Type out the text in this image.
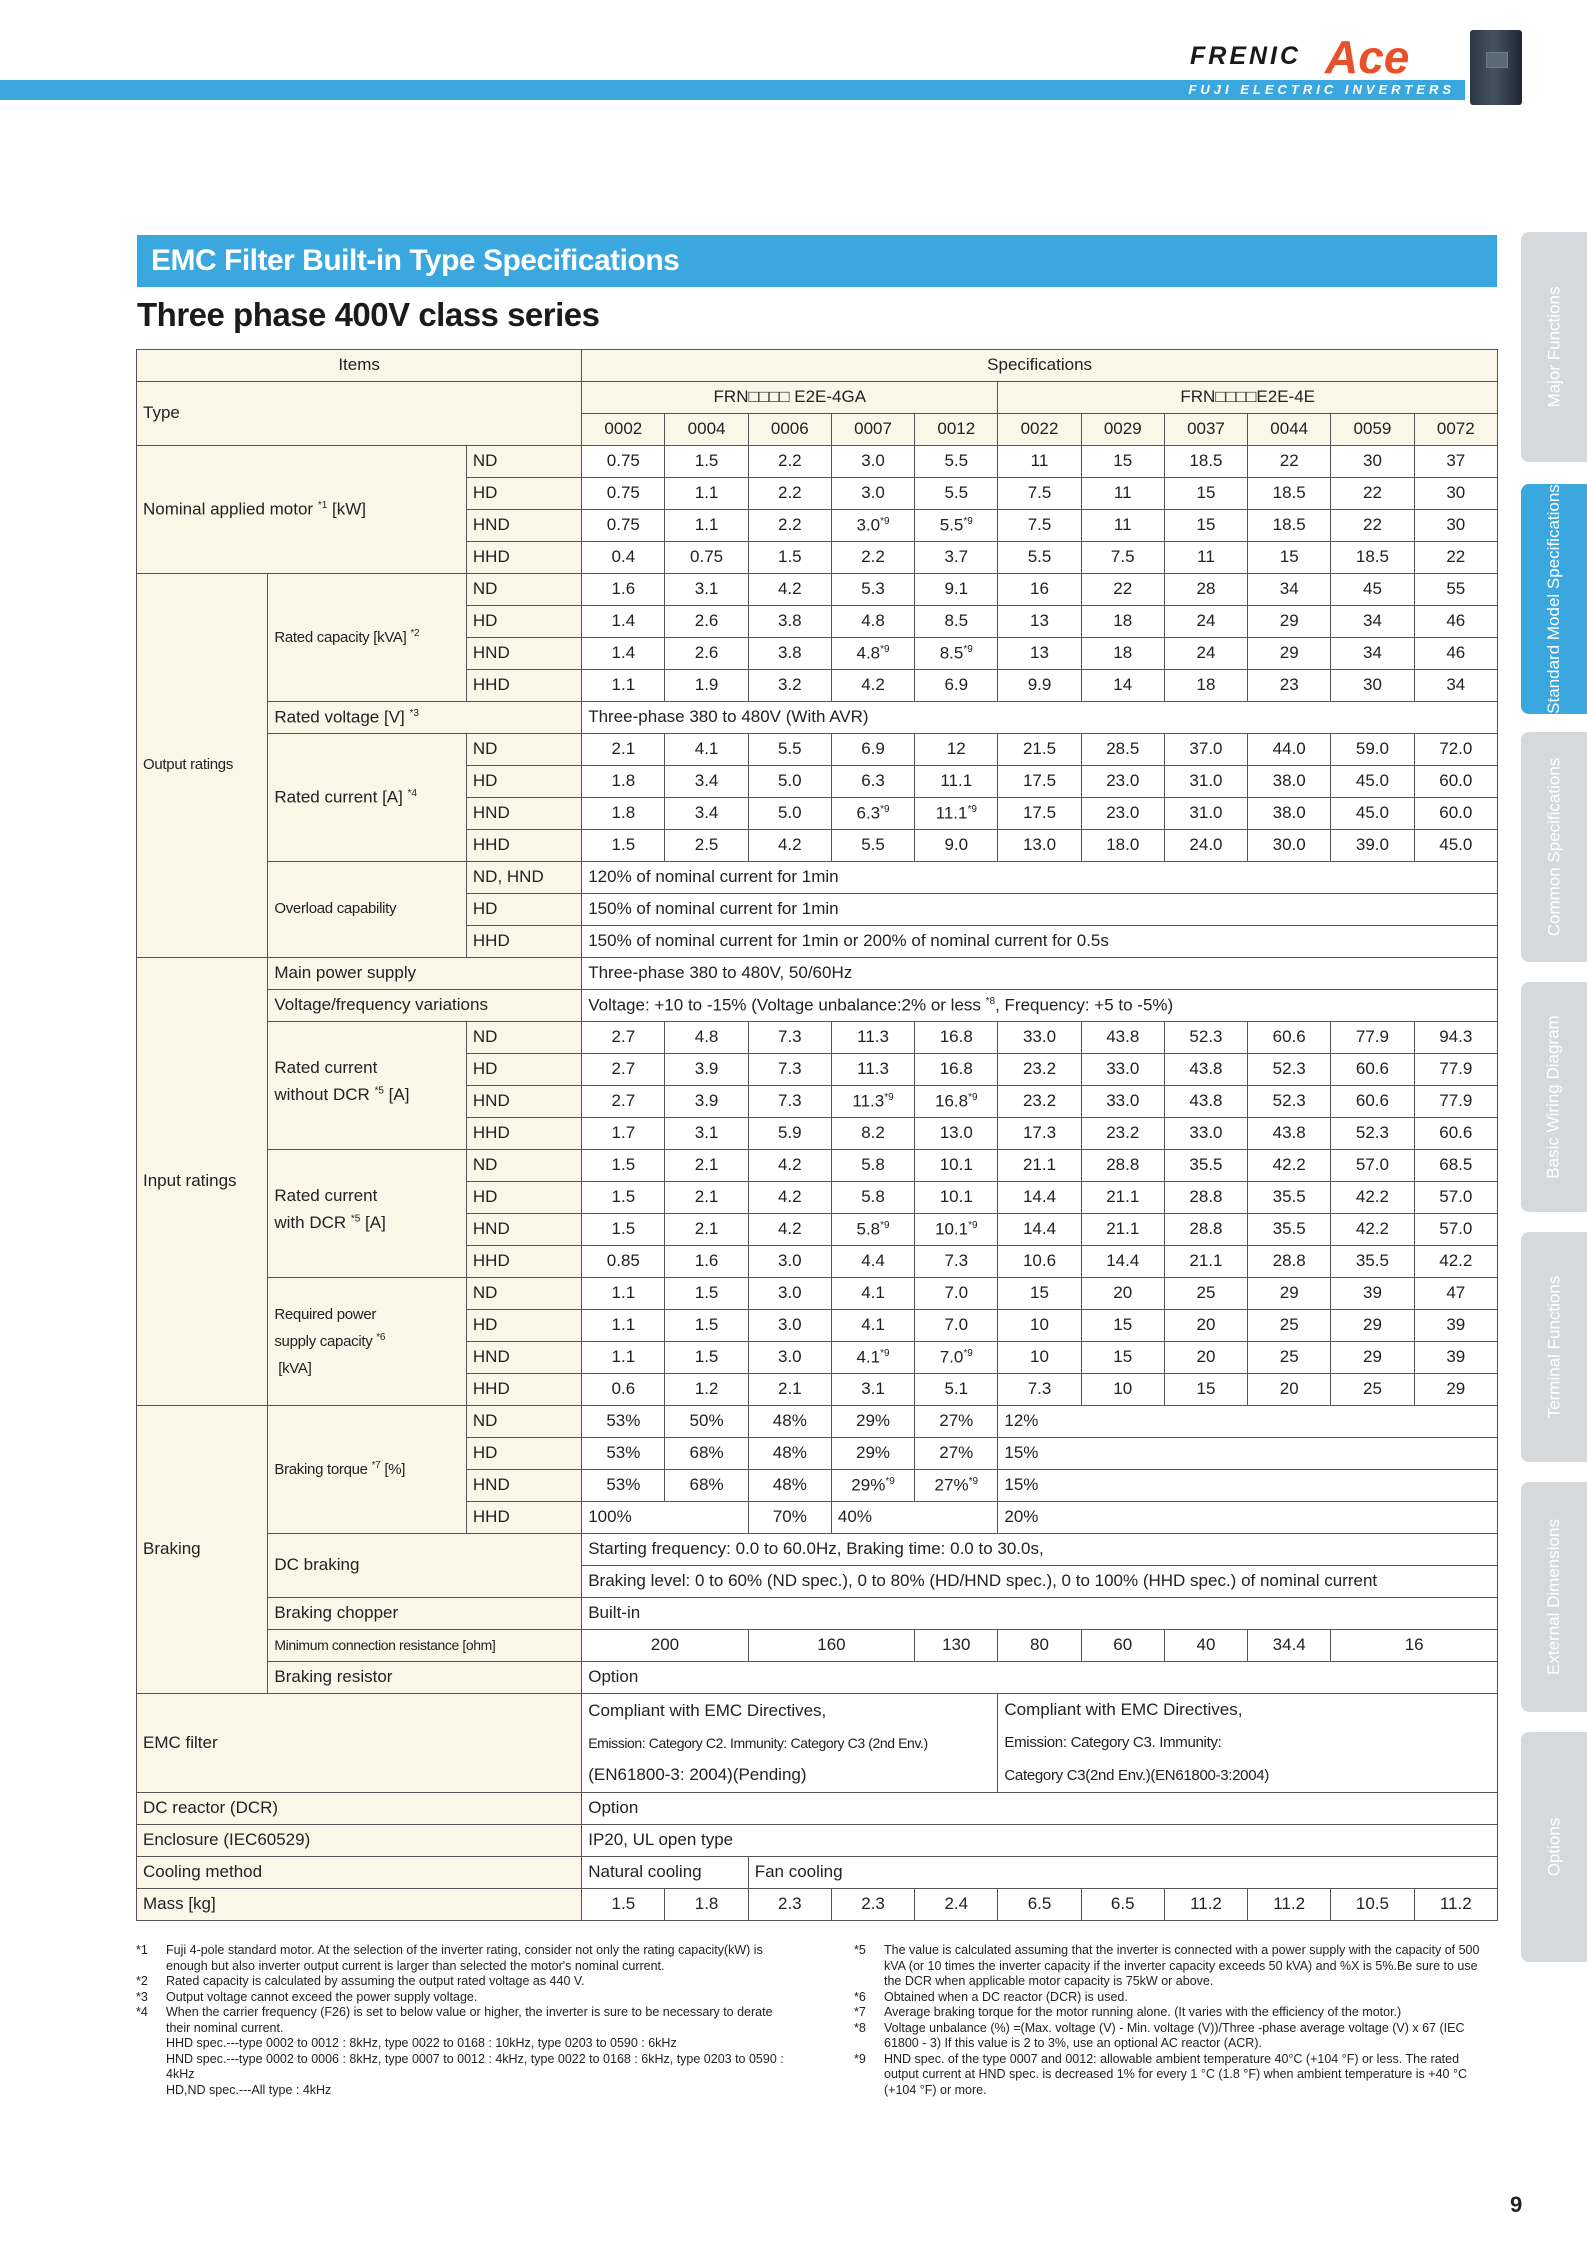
FRENIC Ace
FUJI ELECTRIC INVERTERS
EMC Filter Built-in Type Specifications
Three phase 400V class series	Major Functions
Standard Model Specifications
Common Specifications
Basic Wiring Diagram
Terminal Functions
External Dimensions
Options
Items			Specifications										
Type			FRN□□□□ E2E-4GA					FRN□□□□E2E-4E					
			0002	0004	0006	0007	0012	0022	0029	0037	0044	0059	0072
Nominal applied motor $^{*1}$ [kW]		ND	0.75	1.5	2.2	3.0	5.5	11	15	18.5	22	30	37
		HD	0.75	1.1	2.2	3.0	5.5	7.5	11	15	18.5	22	30
		HND	0.75	1.1	2.2	3.0$^{*9}$	5.5$^{*9}$	7.5	11	15	18.5	22	30
		HHD	0.4	0.75	1.5	2.2	3.7	5.5	7.5	11	15	18.5	22
Output ratings	Rated capacity [kVA] $^{*2}$	ND	1.6	3.1	4.2	5.3	9.1	16	22	28	34	45	55
		HD	1.4	2.6	3.8	4.8	8.5	13	18	24	29	34	46
		HND	1.4	2.6	3.8	4.8$^{*9}$	8.5$^{*9}$	13	18	24	29	34	46
		HHD	1.1	1.9	3.2	4.2	6.9	9.9	14	18	23	30	34
	Rated voltage [V] $^{*3}$		Three-phase 380 to 480V (With AVR)										
	Rated current [A] $^{*4}$	ND	2.1	4.1	5.5	6.9	12	21.5	28.5	37.0	44.0	59.0	72.0
		HD	1.8	3.4	5.0	6.3	11.1	17.5	23.0	31.0	38.0	45.0	60.0
		HND	1.8	3.4	5.0	6.3$^{*9}$	11.1$^{*9}$	17.5	23.0	31.0	38.0	45.0	60.0
		HHD	1.5	2.5	4.2	5.5	9.0	13.0	18.0	24.0	30.0	39.0	45.0
	Overload capability	ND, HND	120% of nominal current for 1min										
		HD	150% of nominal current for 1min										
		HHD	150% of nominal current for 1min or 200% of nominal current for 0.5s										
Input ratings	Main power supply		Three-phase 380 to 480V, 50/60Hz										
	Voltage/frequency variations		Voltage: +10 to -15% (Voltage unbalance:2% or less $^{*8}$, Frequency: +5 to -5%)										
	Rated current
without DCR $^{*5}$ [A]	ND	2.7	4.8	7.3	11.3	16.8	33.0	43.8	52.3	60.6	77.9	94.3
		HD	2.7	3.9	7.3	11.3	16.8	23.2	33.0	43.8	52.3	60.6	77.9
		HND	2.7	3.9	7.3	11.3$^{*9}$	16.8$^{*9}$	23.2	33.0	43.8	52.3	60.6	77.9
		HHD	1.7	3.1	5.9	8.2	13.0	17.3	23.2	33.0	43.8	52.3	60.6
	Rated current
with DCR $^{*5}$ [A]	ND	1.5	2.1	4.2	5.8	10.1	21.1	28.8	35.5	42.2	57.0	68.5
		HD	1.5	2.1	4.2	5.8	10.1	14.4	21.1	28.8	35.5	42.2	57.0
		HND	1.5	2.1	4.2	5.8$^{*9}$	10.1$^{*9}$	14.4	21.1	28.8	35.5	42.2	57.0
		HHD	0.85	1.6	3.0	4.4	7.3	10.6	14.4	21.1	28.8	35.5	42.2

	Required power
supply capacity $^{*6}$
[kVA]	ND	1.1	1.5	3.0	4.1	7.0	15	20	25	29	39	47
		HD	1.1	1.5	3.0	4.1	7.0	10	15	20	25	29	39
		HND	1.1	1.5	3.0	4.1$^{*9}$	7.0$^{*9}$	10	15	20	25	29	39
		HHD	0.6	1.2	2.1	3.1	5.1	7.3	10	15	20	25	29
Braking	Braking torque $^{*7}$ [%]	ND	53%	50%	48%	29%	27%	12%					
		HD	53%	68%	48%	29%	27%	15%					
		HND	53%	68%	48%	29%$^{*9}$	27%$^{*9}$	15%					
		HHD	100%		70%	40%		20%					
	DC braking		Starting frequency: 0.0 to 60.0Hz, Braking time: 0.0 to 30.0s,										
			Braking level: 0 to 60% (ND spec.), 0 to 80% (HD/HND spec.), 0 to 100% (HHD spec.) of nominal current										
	Braking chopper		Built-in										
	Minimum connection resistance [ohm]		200		160		130	80	60	40	34.4	16	
	Braking resistor		Option										
EMC filter			Compliant with EMC Directives,
Emission: Category C2. Immunity: Category C3 (2nd Env.)
(EN61800-3: 2004)(Pending)					Compliant with EMC Directives,
Emission: Category C3. Immunity:
Category C3(2nd Env.)(EN61800-3:2004)					

DC reactor (DCR)			Option										
Enclosure (IEC60529)			IP20, UL open type										
Cooling method			Natural cooling		Fan cooling								
Mass [kg]			1.5	1.8	2.3	2.3	2.4	6.5	6.5	11.2	11.2	10.5	11.2
*1 Fuji 4-pole standard motor. At the selection of the inverter rating, consider not only the rating capacity(kW) is enough but also inverter output current is larger than selected the motor's nominal current.
*2 Rated capacity is calculated by assuming the output rated voltage as 440 V.
*3 Output voltage cannot exceed the power supply voltage.
*4 When the carrier frequency (F26) is set to below value or higher, the inverter is sure to be necessary to derate their nominal current.
HHD spec.---type 0002 to 0012 : 8kHz, type 0022 to 0168 : 10kHz, type 0203 to 0590 : 6kHz
HND spec.---type 0002 to 0006 : 8kHz, type 0007 to 0012 : 4kHz, type 0022 to 0168 : 6kHz, type 0203 to 0590 : 4kHz
HD,ND spec.---All type : 4kHz
*5 The value is calculated assuming that the inverter is connected with a power supply with the capacity of 500 kVA (or 10 times the inverter capacity if the inverter capacity exceeds 50 kVA) and %X is 5%.Be sure to use the DCR when applicable motor capacity is 75kW or above.
*6 Obtained when a DC reactor (DCR) is used.
*7 Average braking torque for the motor running alone. (It varies with the efficiency of the motor.)
*8 Voltage unbalance (%) =(Max. voltage (V) - Min. voltage (V))/Three -phase average voltage (V) x 67 (IEC 61800 - 3) If this value is 2 to 3%, use an optional AC reactor (ACR).
*9 HND spec. of the type 0007 and 0012: allowable ambient temperature 40°C (+104 °F) or less. The rated output current at HND spec. is decreased 1% for every 1 °C (1.8 °F) when ambient temperature is +40 °C (+104 °F) or more.
9
